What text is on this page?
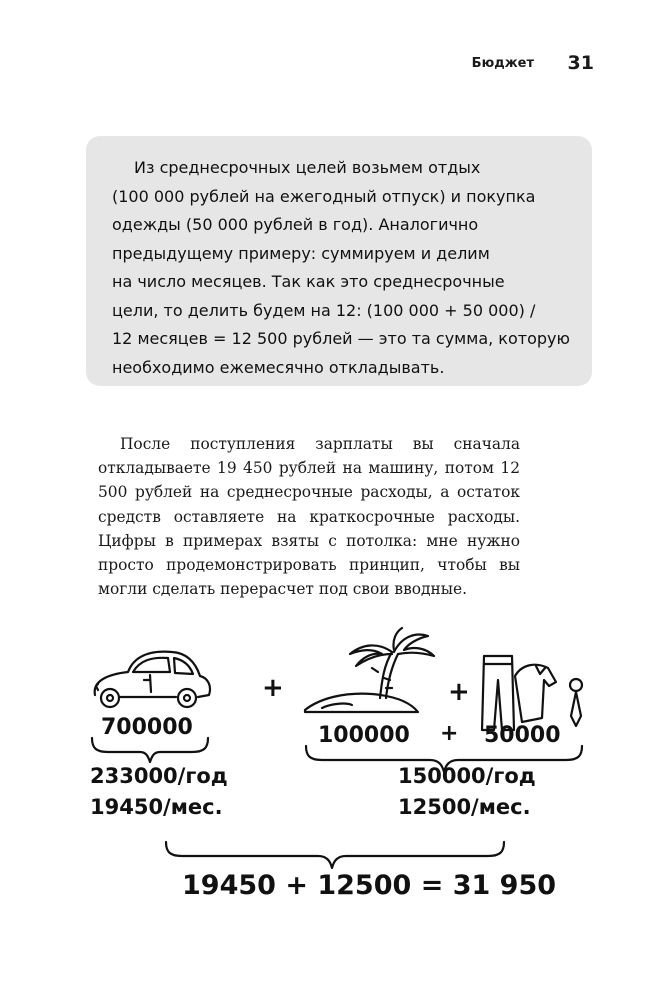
Бюджет 31

Из среднесрочных целей возьмем отдых
(100 000 рублей на ежегодный отпуск) и покупка
одежды (50 000 рублей в год). Аналогично
предыдущему примеру: суммируем и делим
на число месяцев. Так как это среднесрочные
цели, то делить будем на 12: (100 000 + 50 000) /
12 месяцев = 12 500 рублей — это та сумма, которую
необходимо ежемесячно откладывать.

После поступления зарплаты вы сначала откладываете 19 450 рублей на машину, потом 12 500 рублей на среднесрочные расходы, а остаток средств оставляете на краткосрочные расходы. Цифры в примерах взяты с потолка: мне нужно просто продемонстрировать принцип, чтобы вы могли сделать перерасчет под свои вводные.

+	+
700000	100000 + 50000
233000/год
19450/мес.
150000/год
12500/мес.
19450 + 12500 = 31 950
